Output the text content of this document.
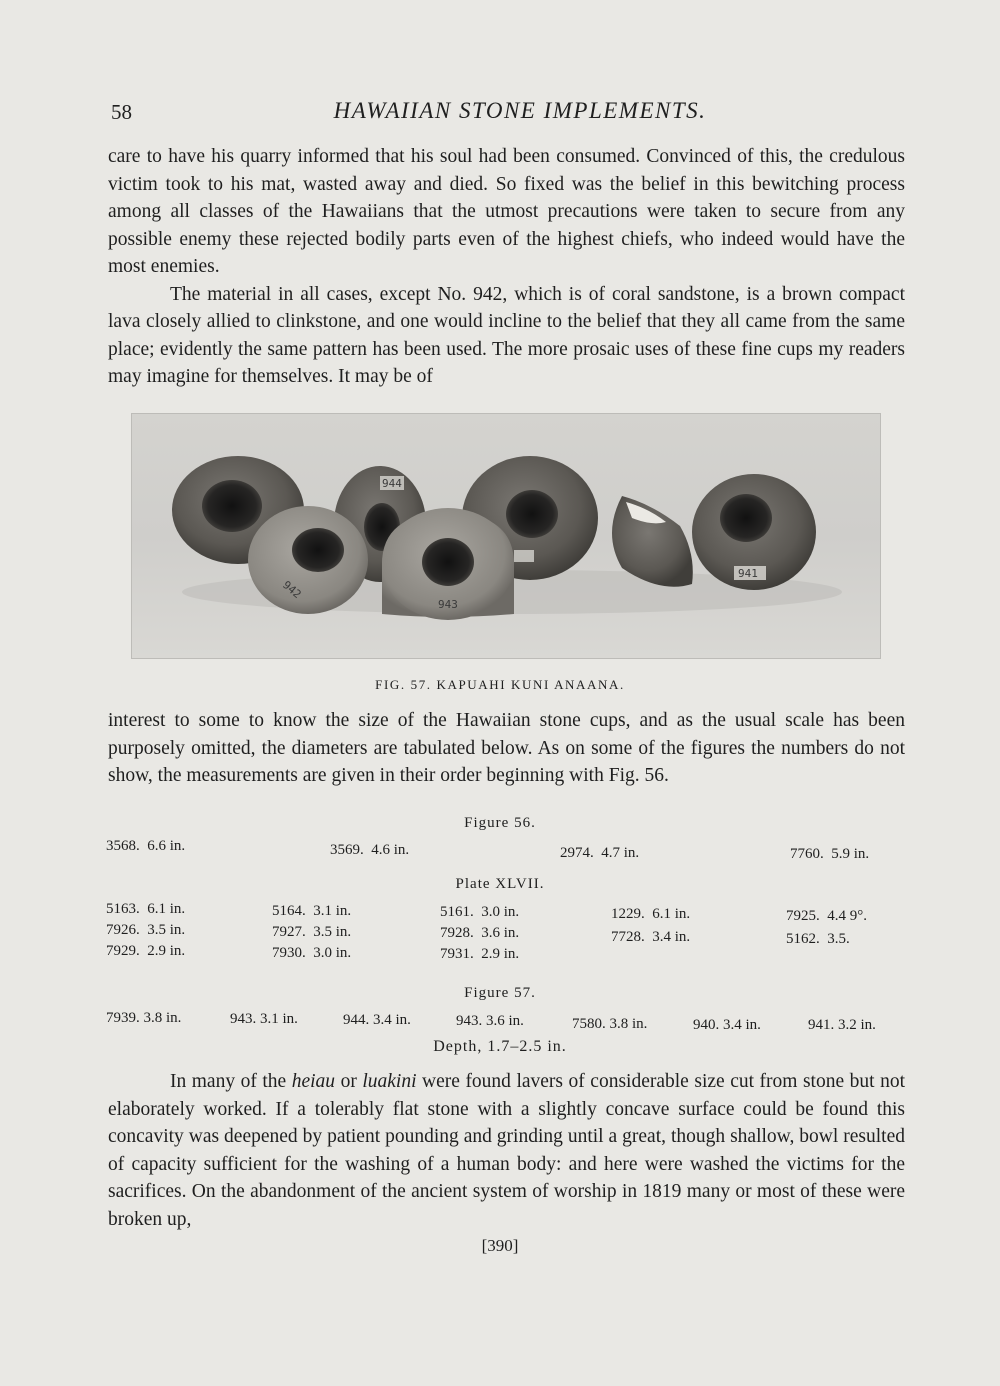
58	HAWAIIAN STONE IMPLEMENTS.

care to have his quarry informed that his soul had been consumed. Convinced of this, the credulous victim took to his mat, wasted away and died. So fixed was the belief in this bewitching process among all classes of the Hawaiians that the utmost precautions were taken to secure from any possible enemy these rejected bodily parts even of the highest chiefs, who indeed would have the most enemies.

The material in all cases, except No. 942, which is of coral sandstone, is a brown compact lava closely allied to clinkstone, and one would incline to the belief that they all came from the same place; evidently the same pattern has been used. The more prosaic uses of these fine cups my readers may imagine for themselves. It may be of

944
942
943
941
FIG. 57. KAPUAHI KUNI ANAANA.

interest to some to know the size of the Hawaiian stone cups, and as the usual scale has been purposely omitted, the diameters are tabulated below. As on some of the figures the numbers do not show, the measurements are given in their order beginning with Fig. 56.

Figure 56.
3568. 6.6 in.	3569. 4.6 in.	2974. 4.7 in.	7760. 5.9 in.
Plate XLVII.
5163. 6.1 in.	5164. 3.1 in.	5161. 3.0 in.	1229. 6.1 in.	7925. 4.4 9°.
7926. 3.5 in.	7927. 3.5 in.	7928. 3.6 in.	7728. 3.4 in.	5162. 3.5.
7929. 2.9 in.	7930. 3.0 in.	7931. 2.9 in.
Figure 57.
7939. 3.8 in.	943. 3.1 in.	944. 3.4 in.	943. 3.6 in.	7580. 3.8 in.	940. 3.4 in.	941. 3.2 in.
Depth, 1.7–2.5 in.

In many of the heiau or luakini were found lavers of considerable size cut from stone but not elaborately worked. If a tolerably flat stone with a slightly concave surface could be found this concavity was deepened by patient pounding and grinding until a great, though shallow, bowl resulted of capacity sufficient for the washing of a human body: and here were washed the victims for the sacrifices. On the abandonment of the ancient system of worship in 1819 many or most of these were broken up,

[390]
